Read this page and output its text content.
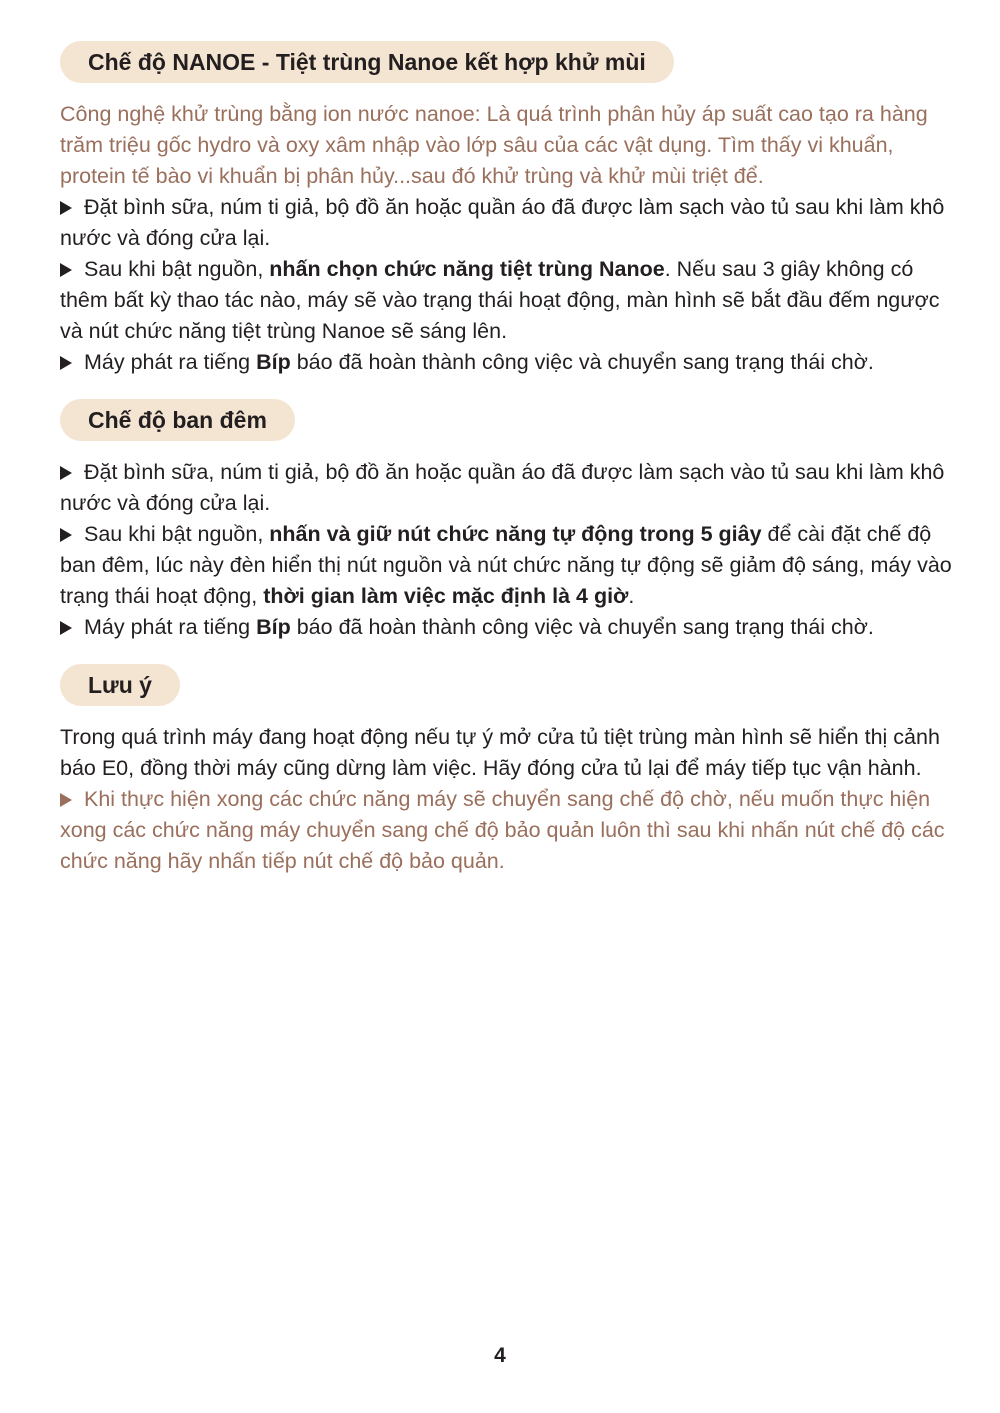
Chế độ NANOE - Tiệt trùng Nanoe kết hợp khử mùi

Công nghệ khử trùng bằng ion nước nanoe: Là quá trình phân hủy áp suất cao tạo ra hàng trăm triệu gốc hydro và oxy xâm nhập vào lớp sâu của các vật dụng. Tìm thấy vi khuẩn, protein tế bào vi khuẩn bị phân hủy...sau đó khử trùng và khử mùi triệt để.

Đặt bình sữa, núm ti giả, bộ đồ ăn hoặc quần áo đã được làm sạch vào tủ sau khi làm khô nước và đóng cửa lại.

Sau khi bật nguồn, nhấn chọn chức năng tiệt trùng Nanoe. Nếu sau 3 giây không có thêm bất kỳ thao tác nào, máy sẽ vào trạng thái hoạt động, màn hình sẽ bắt đầu đếm ngược và nút chức năng tiệt trùng Nanoe sẽ sáng lên.

Máy phát ra tiếng Bíp báo đã hoàn thành công việc và chuyển sang trạng thái chờ.

Chế độ ban đêm

Đặt bình sữa, núm ti giả, bộ đồ ăn hoặc quần áo đã được làm sạch vào tủ sau khi làm khô nước và đóng cửa lại.

Sau khi bật nguồn, nhấn và giữ nút chức năng tự động trong 5 giây để cài đặt chế độ ban đêm, lúc này đèn hiển thị nút nguồn và nút chức năng tự động sẽ giảm độ sáng, máy vào trạng thái hoạt động, thời gian làm việc mặc định là 4 giờ.

Máy phát ra tiếng Bíp báo đã hoàn thành công việc và chuyển sang trạng thái chờ.

Lưu ý

Trong quá trình máy đang hoạt động nếu tự ý mở cửa tủ tiệt trùng màn hình sẽ hiển thị cảnh báo E0, đồng thời máy cũng dừng làm việc. Hãy đóng cửa tủ lại để máy tiếp tục vận hành.

Khi thực hiện xong các chức năng máy sẽ chuyển sang chế độ chờ, nếu muốn thực hiện xong các chức năng máy chuyển sang chế độ bảo quản luôn thì sau khi nhấn nút chế độ các chức năng hãy nhấn tiếp nút chế độ bảo quản.

4
